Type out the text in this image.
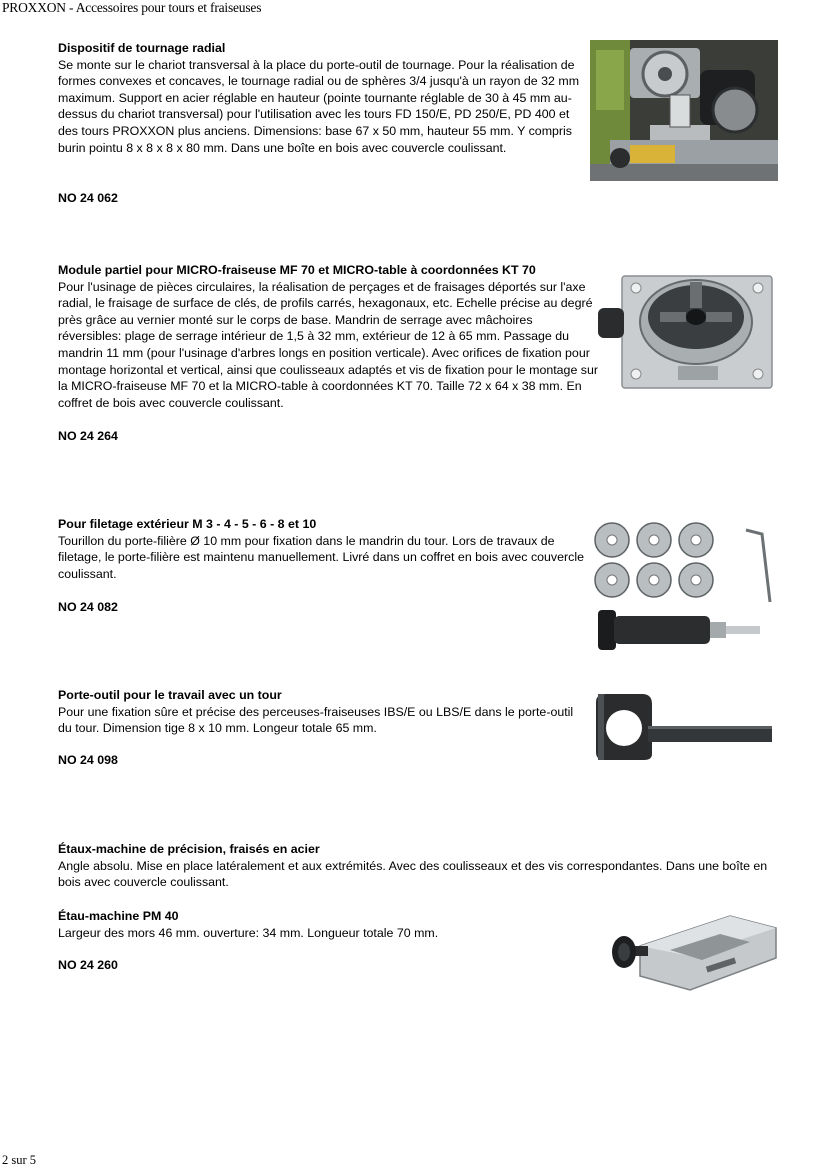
PROXXON - Accessoires pour tours et fraiseuses
Dispositif de tournage radial

Se monte sur le chariot transversal à la place du porte-outil de tournage. Pour la réalisation de formes convexes et concaves, le tournage radial ou de sphères 3/4 jusqu'à un rayon de 32 mm maximum. Support en acier réglable en hauteur (pointe tournante réglable de 30 à 45 mm au-dessus du chariot transversal) pour l'utilisation avec les tours FD 150/E, PD 250/E, PD 400 et des tours PROXXON plus anciens. Dimensions: base 67 x 50 mm, hauteur 55 mm. Y compris burin pointu 8 x 8 x 8 x 80 mm. Dans une boîte en bois avec couvercle coulissant.

NO 24 062
Module partiel pour MICRO-fraiseuse MF 70 et MICRO-table à coordonnées KT 70

Pour l'usinage de pièces circulaires, la réalisation de perçages et de fraisages déportés sur l'axe radial, le fraisage de surface de clés, de profils carrés, hexagonaux, etc. Echelle précise au degré près grâce au vernier monté sur le corps de base. Mandrin de serrage avec mâchoires réversibles: plage de serrage intérieur de 1,5 à 32 mm, extérieur de 12 à 65 mm. Passage du mandrin 11 mm (pour l'usinage d'arbres longs en position verticale). Avec orifices de fixation pour montage horizontal et vertical, ainsi que coulisseaux adaptés et vis de fixation pour le montage sur la MICRO-fraiseuse MF 70 et la MICRO-table à coordonnées KT 70. Taille 72 x 64 x 38 mm. En coffret de bois avec couvercle coulissant.

NO 24 264
Pour filetage extérieur M 3 - 4 - 5 - 6 - 8 et 10

Tourillon du porte-filière Ø 10 mm pour fixation dans le mandrin du tour. Lors de travaux de filetage, le porte-filière est maintenu manuellement. Livré dans un coffret en bois avec couvercle coulissant.

NO 24 082
Porte-outil pour le travail avec un tour

Pour une fixation sûre et précise des perceuses-fraiseuses IBS/E ou LBS/E dans le porte-outil du tour. Dimension tige 8 x 10 mm. Longeur totale 65 mm.

NO 24 098
Étaux-machine de précision, fraisés en acier

Angle absolu. Mise en place latéralement et aux extrémités. Avec des coulisseaux et des vis correspondantes. Dans une boîte en bois avec couvercle coulissant.

Étau-machine PM 40

Largeur des mors 46 mm. ouverture: 34 mm. Longueur totale 70 mm.

NO 24 260
2 sur 5
